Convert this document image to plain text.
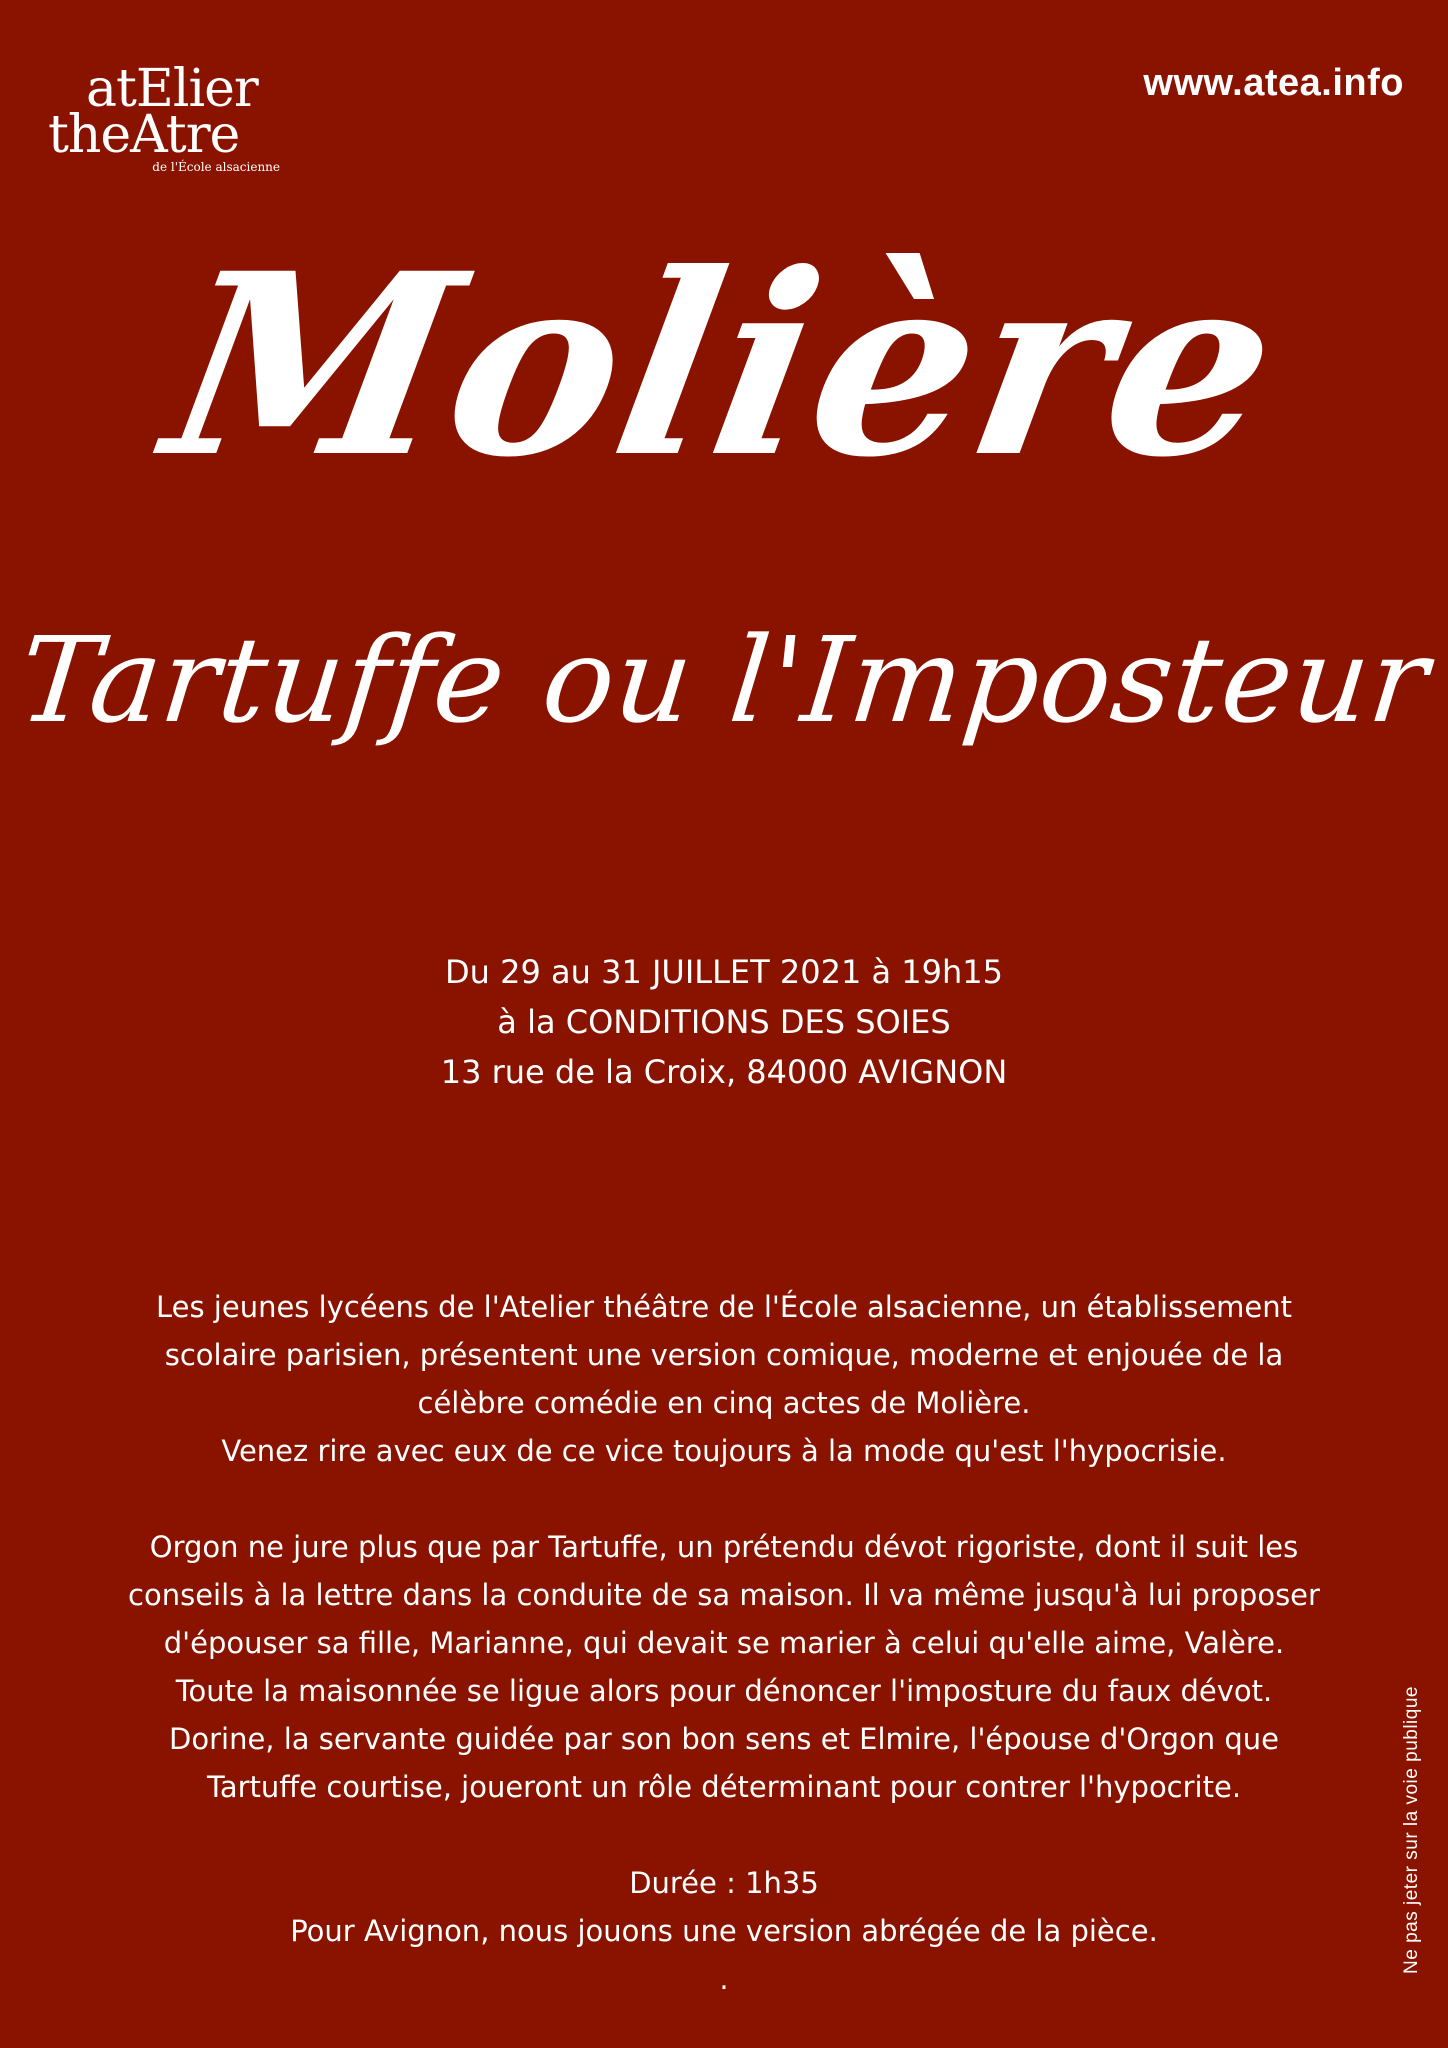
atElier
theAtre
de l'École alsacienne
www.atea.info
Molière
Tartuffe ou l'Imposteur
Du 29 au 31 JUILLET 2021 à 19h15
à la CONDITIONS DES SOIES
13 rue de la Croix, 84000 AVIGNON

Les jeunes lycéens de l'Atelier théâtre de l'École alsacienne, un établissement

scolaire parisien, présentent une version comique, moderne et enjouée de la

célèbre comédie en cinq actes de Molière.

Venez rire avec eux de ce vice toujours à la mode qu'est l'hypocrisie.

Orgon ne jure plus que par Tartuffe, un prétendu dévot rigoriste, dont il suit les

conseils à la lettre dans la conduite de sa maison. Il va même jusqu'à lui proposer

d'épouser sa fille, Marianne, qui devait se marier à celui qu'elle aime, Valère.

Toute la maisonnée se ligue alors pour dénoncer l'imposture du faux dévot.

Dorine, la servante guidée par son bon sens et Elmire, l'épouse d'Orgon que

Tartuffe courtise, joueront un rôle déterminant pour contrer l'hypocrite.

Durée : 1h35

Pour Avignon, nous jouons une version abrégée de la pièce.

.

Ne pas jeter sur la voie publique
